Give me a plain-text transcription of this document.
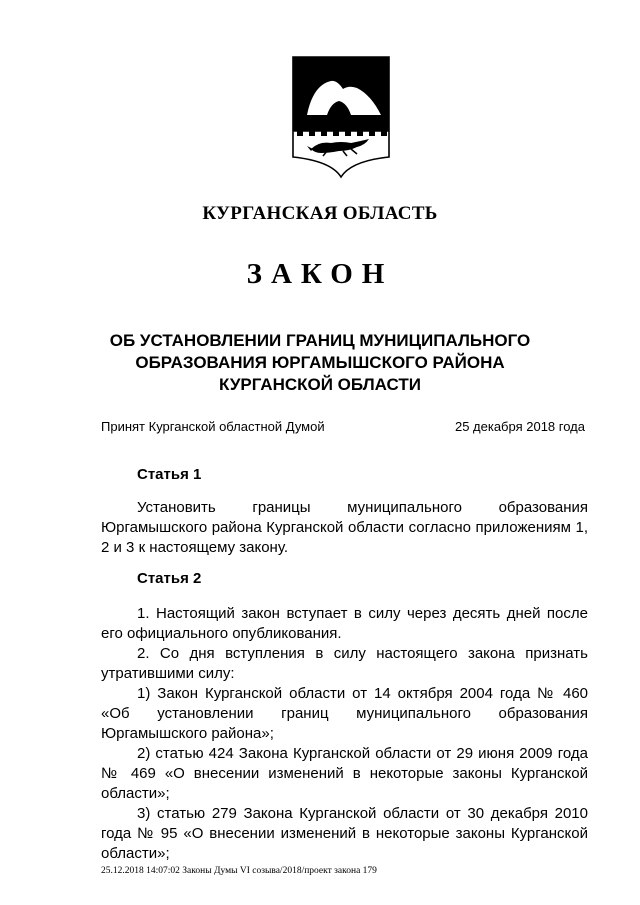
КУРГАНСКАЯ ОБЛАСТЬ
ЗАКОН
ОБ УСТАНОВЛЕНИИ ГРАНИЦ МУНИЦИПАЛЬНОГО
ОБРАЗОВАНИЯ ЮРГАМЫШСКОГО РАЙОНА
КУРГАНСКОЙ ОБЛАСТИ
Принят Курганской областной Думой	25 декабря 2018 года
Статья 1

Установить границы муниципального образования Юргамышского района Курганской области согласно приложениям 1, 2 и 3 к настоящему закону.

Статья 2

1. Настоящий закон вступает в силу через десять дней после его официального опубликования.

2. Со дня вступления в силу настоящего закона признать утратившими силу:

1) Закон Курганской области от 14 октября 2004 года № 460 «Об установлении границ муниципального образования Юргамышского района»;

2) статью 424 Закона Курганской области от 29 июня 2009 года № 469 «О внесении изменений в некоторые законы Курганской области»;

3) статью 279 Закона Курганской области от 30 декабря 2010 года № 95 «О внесении изменений в некоторые законы Курганской области»;

25.12.2018 14:07:02 Законы Думы VI созыва/2018/проект закона 179
